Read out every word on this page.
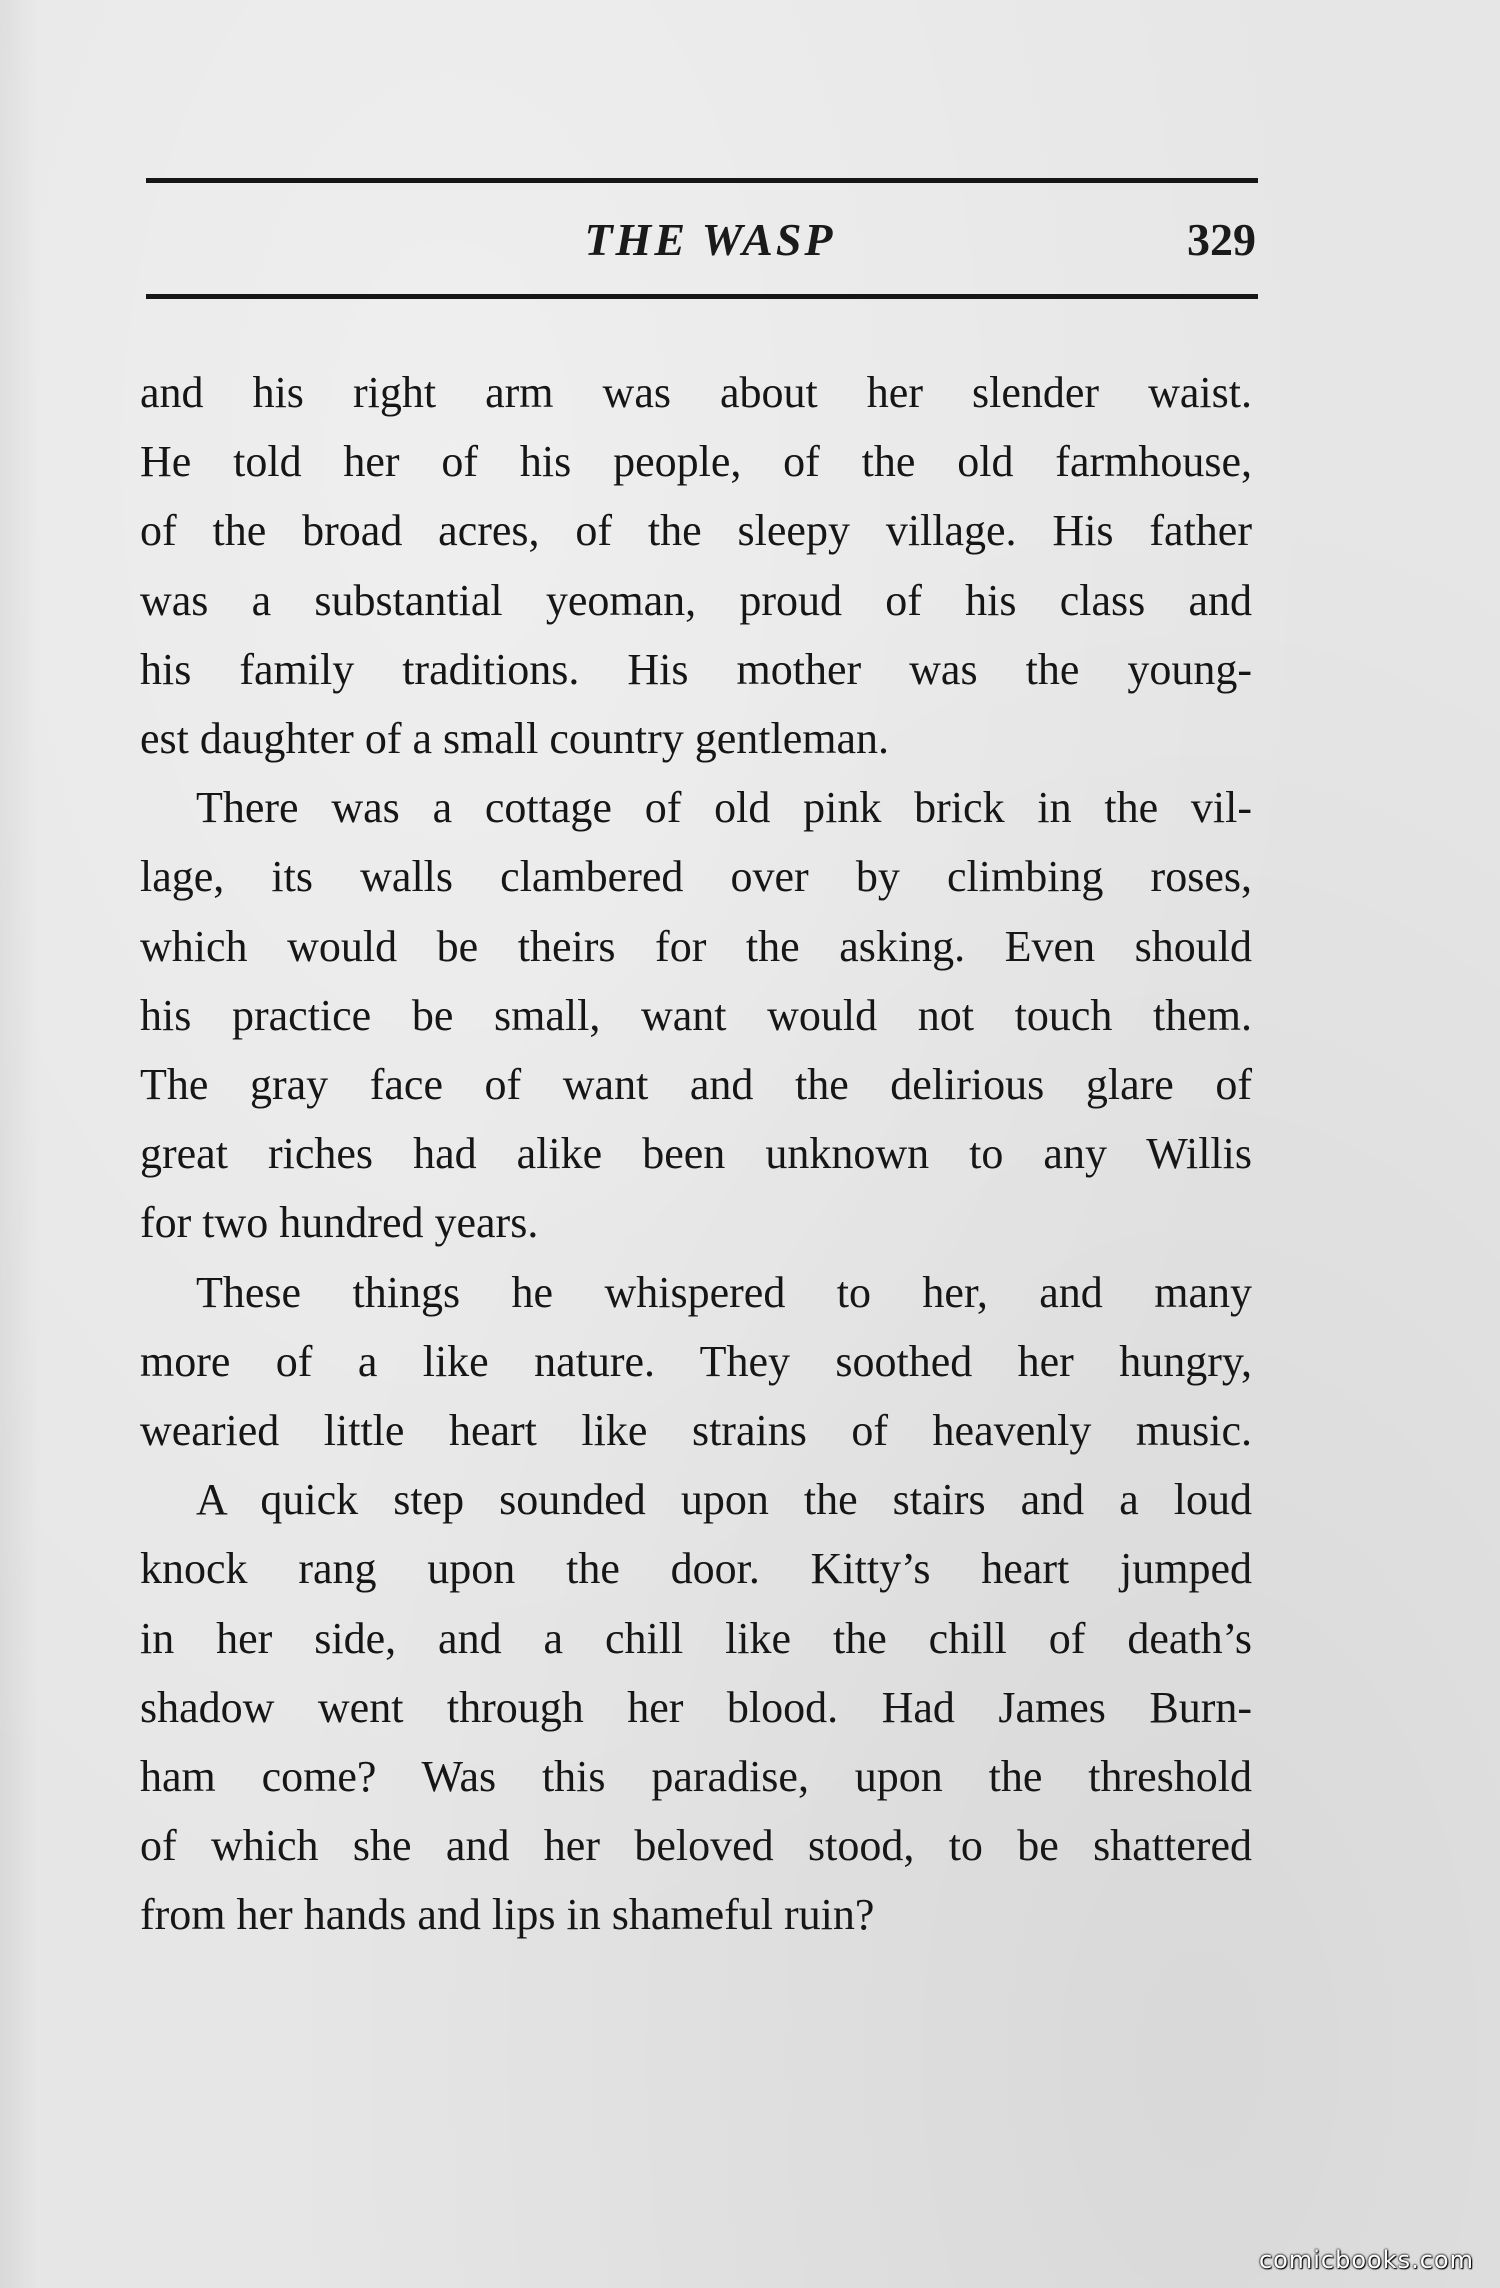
THE WASP	329

and his right arm was about her slender waist.
He told her of his people, of the old farmhouse,
of the broad acres, of the sleepy village. His father
was a substantial yeoman, proud of his class and
his family traditions. His mother was the young-
est daughter of a small country gentleman.

There was a cottage of old pink brick in the vil-
lage, its walls clambered over by climbing roses,
which would be theirs for the asking. Even should
his practice be small, want would not touch them.
The gray face of want and the delirious glare of
great riches had alike been unknown to any Willis
for two hundred years.

These things he whispered to her, and many
more of a like nature. They soothed her hungry,
wearied little heart like strains of heavenly music.

A quick step sounded upon the stairs and a loud
knock rang upon the door. Kitty’s heart jumped
in her side, and a chill like the chill of death’s
shadow went through her blood. Had James Burn-
ham come? Was this paradise, upon the threshold
of which she and her beloved stood, to be shattered
from her hands and lips in shameful ruin?

comicbooks.com
